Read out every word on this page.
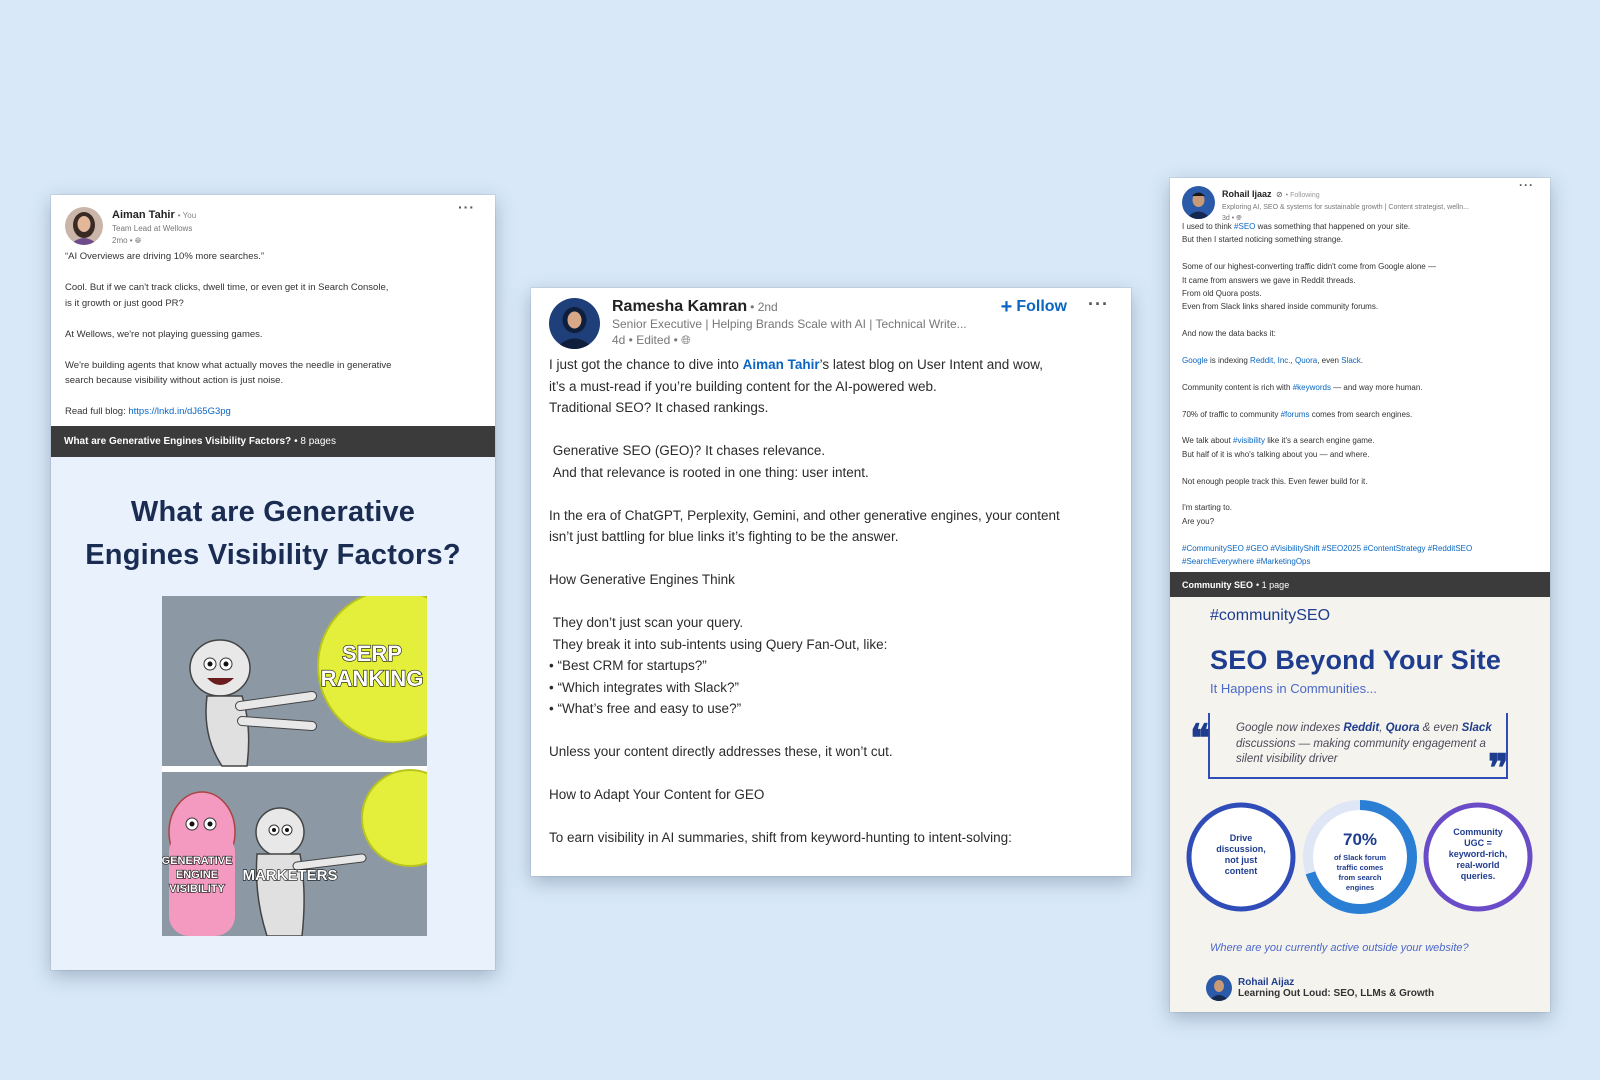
Aiman Tahir • You
Team Lead at Wellows
2mo • 🌐︎
···

“AI Overviews are driving 10% more searches.”

Cool. But if we can't track clicks, dwell time, or even get it in Search Console,
is it growth or just good PR?

At Wellows, we're not playing guessing games.

We're building agents that know what actually moves the needle in generative
search because visibility without action is just noise.

Read full blog: https://lnkd.in/dJ65G3pg

What are Generative Engines Visibility Factors? • 8 pages
What are Generative
Engines Visibility Factors?
SERP
RANKING
GENERATIVE
ENGINE
VISIBILITY
MARKETERS
Ramesha Kamran • 2nd
Senior Executive | Helping Brands Scale with AI | Technical Write...
4d • Edited • 🌐︎
+ Follow ···

I just got the chance to dive into Aiman Tahir’s latest blog on User Intent and wow,
it’s a must-read if you’re building content for the AI-powered web.
Traditional SEO? It chased rankings.

Generative SEO (GEO)? It chases relevance.
And that relevance is rooted in one thing: user intent.

In the era of ChatGPT, Perplexity, Gemini, and other generative engines, your content
isn’t just battling for blue links it’s fighting to be the answer.

How Generative Engines Think

They don’t just scan your query.
They break it into sub-intents using Query Fan-Out, like:
• “Best CRM for startups?”
• “Which integrates with Slack?”
• “What’s free and easy to use?”

Unless your content directly addresses these, it won’t cut.

How to Adapt Your Content for GEO

To earn visibility in AI summaries, shift from keyword-hunting to intent-solving:

Rohail Ijaaz ⊘ • Following
Exploring AI, SEO & systems for sustainable growth | Content strategist, welln...
3d • 🌐︎
···

I used to think #SEO was something that happened on your site.
But then I started noticing something strange.

Some of our highest-converting traffic didn't come from Google alone —
It came from answers we gave in Reddit threads.
From old Quora posts.
Even from Slack links shared inside community forums.

And now the data backs it:

Google is indexing Reddit, Inc., Quora, even Slack.

Community content is rich with #keywords — and way more human.

70% of traffic to community #forums comes from search engines.

We talk about #visibility like it's a search engine game.
But half of it is who's talking about you — and where.

Not enough people track this. Even fewer build for it.

I'm starting to.
Are you?

#CommunitySEO #GEO #VisibilityShift #SEO2025 #ContentStrategy #RedditSEO
#SearchEverywhere #MarketingOps

Community SEO • 1 page
#communitySEO
SEO Beyond Your Site
It Happens in Communities...
❝
❞
Google now indexes Reddit, Quora & even Slack discussions — making community engagement a silent visibility driver
Drive
discussion,
not just
content
70%
of Slack forum
traffic comes
from search
engines
Community
UGC =
keyword-rich,
real-world
queries.
Where are you currently active outside your website?
Rohail Aijaz
Learning Out Loud: SEO, LLMs & Growth
